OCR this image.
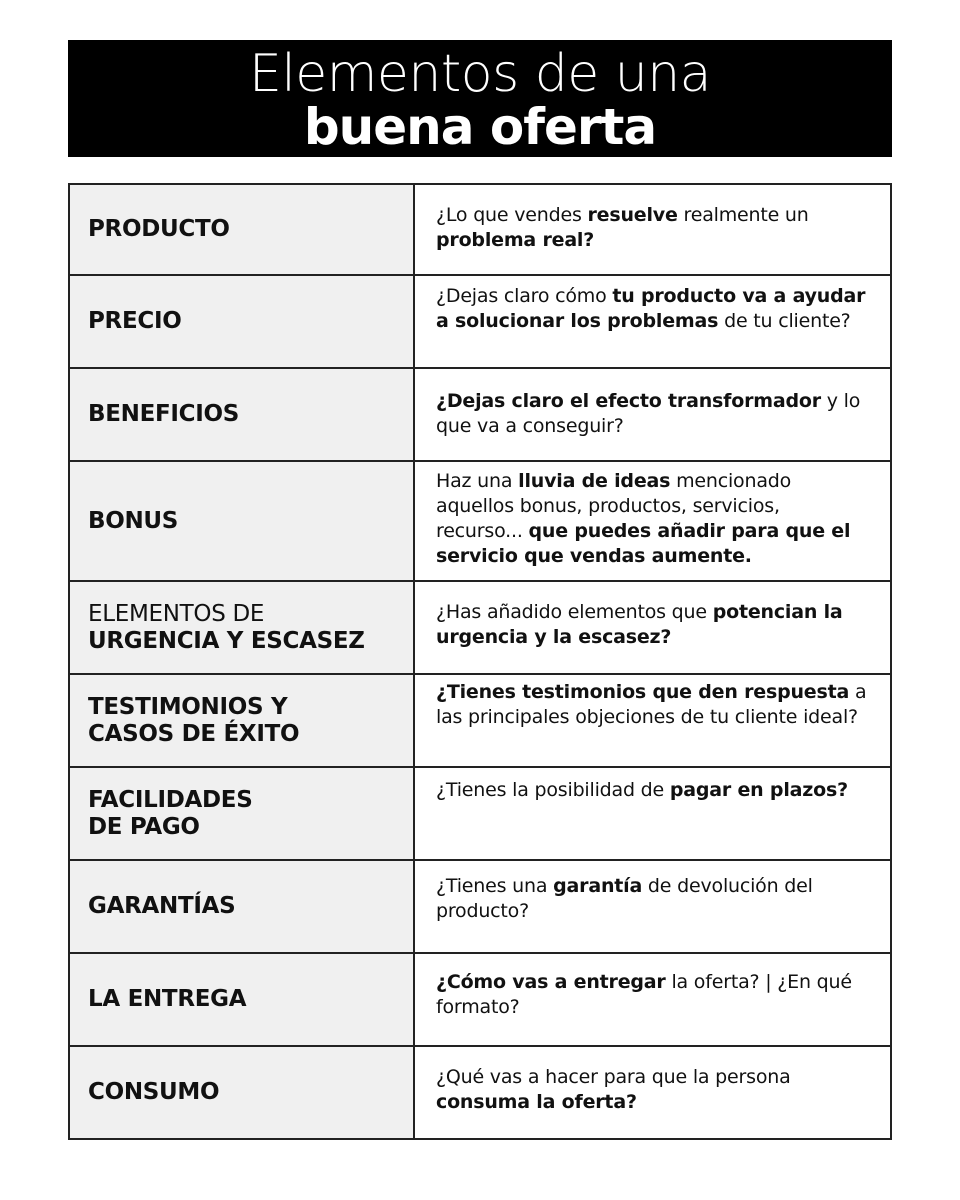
Elementos de una
buena oferta
PRODUCTO
¿Lo que vendes resuelve realmente un problema real?
PRECIO
¿Dejas claro cómo tu producto va a ayudar a solucionar los problemas de tu cliente?
BENEFICIOS	¿Dejas claro el efecto transformador y lo que va a conseguir?
BONUS
Haz una lluvia de ideas mencionado aquellos bonus, productos, servicios, recurso... que puedes añadir para que el servicio que vendas aumente.
ELEMENTOS DE
URGENCIA Y ESCASEZ
¿Has añadido elementos que potencian la urgencia y la escasez?
TESTIMONIOS Y
CASOS DE ÉXITO
¿Tienes testimonios que den respuesta a las principales objeciones de tu cliente ideal?
FACILIDADES
DE PAGO
¿Tienes la posibilidad de pagar en plazos?
GARANTÍAS
¿Tienes una garantía de devolución del producto?
LA ENTREGA
¿Cómo vas a entregar la oferta? | ¿En qué formato?
CONSUMO
¿Qué vas a hacer para que la persona consuma la oferta?
